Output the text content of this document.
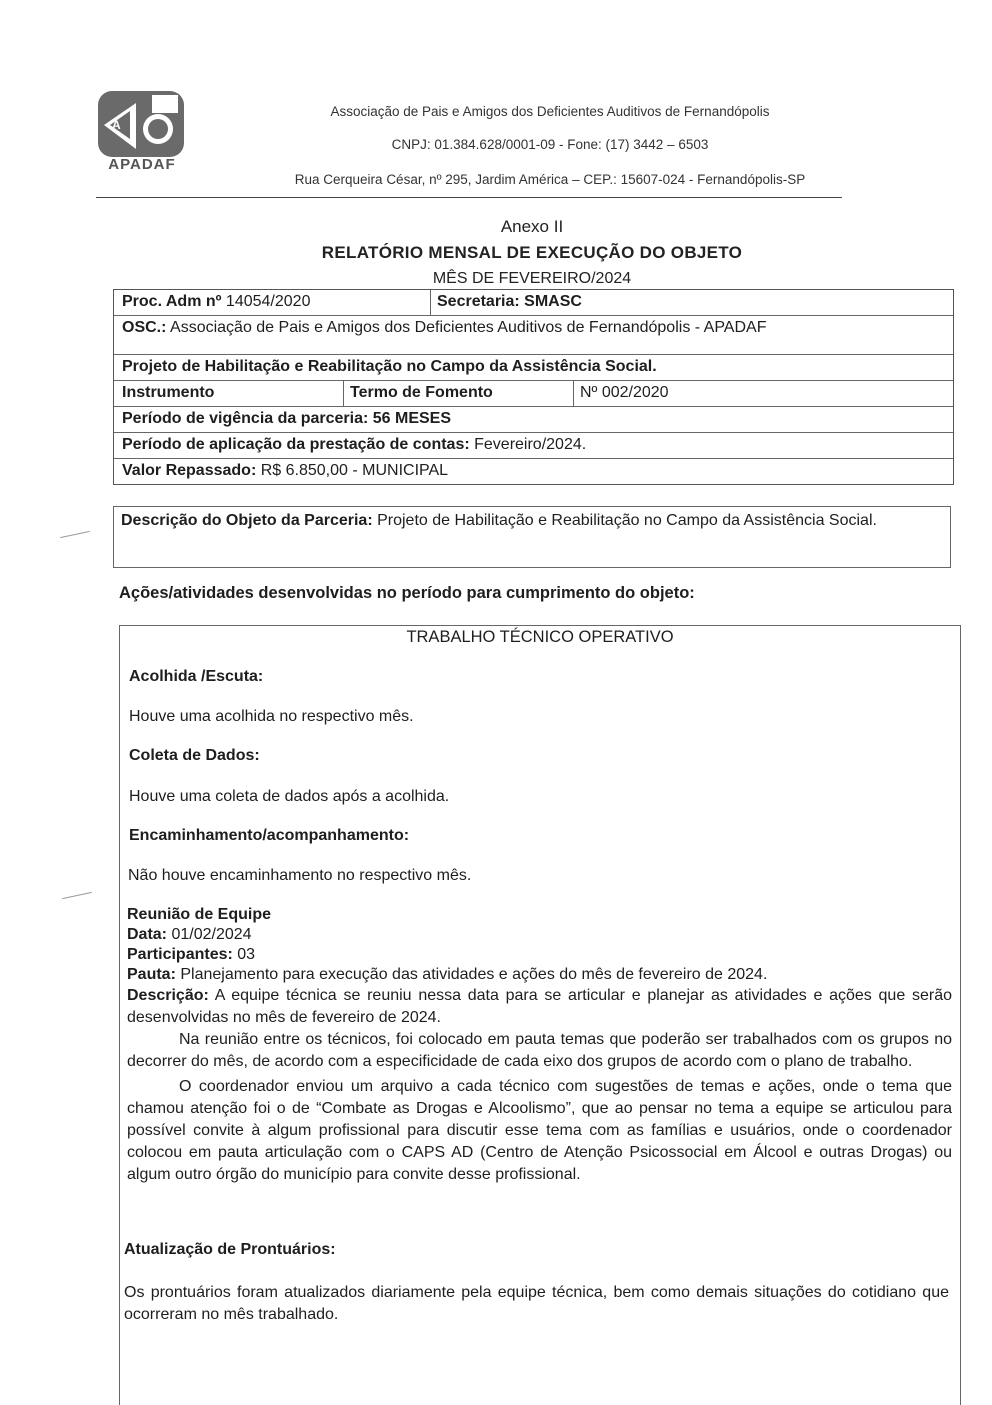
A
APADAF
Associação de Pais e Amigos dos Deficientes Auditivos de Fernandópolis
CNPJ: 01.384.628/0001-09 - Fone: (17) 3442 – 6503
Rua Cerqueira César, nº 295, Jardim América – CEP.: 15607-024 - Fernandópolis-SP
Anexo II
RELATÓRIO MENSAL DE EXECUÇÃO DO OBJETO
MÊS DE FEVEREIRO/2024
Proc. Adm nº 14054/2020	Secretaria: SMASC
OSC.: Associação de Pais e Amigos dos Deficientes Auditivos de Fernandópolis - APADAF
Projeto de Habilitação e Reabilitação no Campo da Assistência Social.
Instrumento	Termo de Fomento	Nº 002/2020
Período de vigência da parceria: 56 MESES
Período de aplicação da prestação de contas: Fevereiro/2024.
Valor Repassado: R$ 6.850,00 - MUNICIPAL
Descrição do Objeto da Parceria: Projeto de Habilitação e Reabilitação no Campo da Assistência Social.
Ações/atividades desenvolvidas no período para cumprimento do objeto:
TRABALHO TÉCNICO OPERATIVO
Acolhida /Escuta:
Houve uma acolhida no respectivo mês.
Coleta de Dados:
Houve uma coleta de dados após a acolhida.
Encaminhamento/acompanhamento:
Não houve encaminhamento no respectivo mês.

Reunião de Equipe

Data: 01/02/2024

Participantes: 03

Pauta: Planejamento para execução das atividades e ações do mês de fevereiro de 2024.

Descrição: A equipe técnica se reuniu nessa data para se articular e planejar as atividades e ações que serão desenvolvidas no mês de fevereiro de 2024.

Na reunião entre os técnicos, foi colocado em pauta temas que poderão ser trabalhados com os grupos no decorrer do mês, de acordo com a especificidade de cada eixo dos grupos de acordo com o plano de trabalho.

O coordenador enviou um arquivo a cada técnico com sugestões de temas e ações, onde o tema que chamou atenção foi o de “Combate as Drogas e Alcoolismo”, que ao pensar no tema a equipe se articulou para possível convite à algum profissional para discutir esse tema com as famílias e usuários, onde o coordenador colocou em pauta articulação com o CAPS AD (Centro de Atenção Psicossocial em Álcool e outras Drogas) ou algum outro órgão do município para convite desse profissional.

Atualização de Prontuários:
Os prontuários foram atualizados diariamente pela equipe técnica, bem como demais situações do cotidiano que ocorreram no mês trabalhado.
